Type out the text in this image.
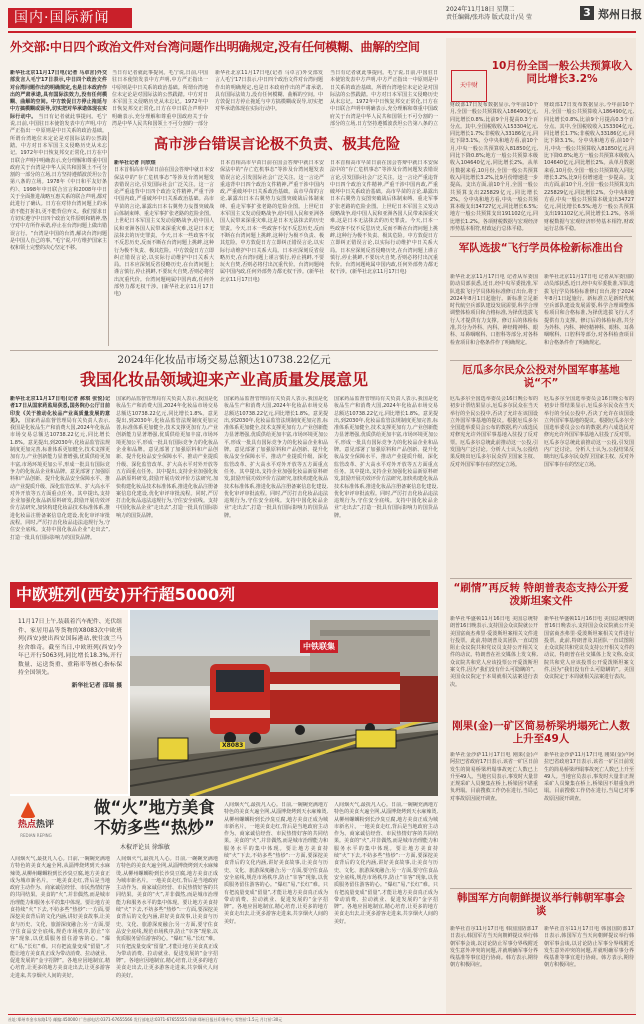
国内·国际新闻
2024年11月18日 星期二
责任编辑/张玮涛 版式设计/吴 莹	3 郑州日报
外交部:中日四个政治文件对台湾问题作出明确规定,没有任何模糊、曲解的空间
新华社北京11月17日电(记者 马卓言)外交部发言人毛宁17日表示,中日四个政治文件对台湾问题作出的明确规定,也是日本政府作出的严肃承诺,具有国际法效力,没有任何模糊、曲解的空间。中方敦促日方停止拖延与中方搞模糊或误导,切实把对华承诺体现在实际行动中。 当日有记者就此事提问。毛宁说,日前,中国驻日本使馆发表中方声明,中方严正指出一中原则是中日关系的政治基础。所谓台湾地位未定论是对国际法的公然践踏。中方对日本军国主义侵略历史从未忘记。1972年中日恢复邦交正常化,日方在中日联合声明中明确表示,充分理解和尊重中国政府关于台湾是中华人民共和国领土不可分割的一部分的立场,日方坚持遵循波茨坦公告第八条的立场。1978年《中日和平友好条约》、1998年中日联合宣言和2008年中日关于全面推进战略互惠关系的联合声明,都对此进行了确认。日方在对待台湾问题上的承诺不能打折扣,更不能背信弃义。我们要求日方切实遵守中日四个政治文件原则和精神,恪守对中方所作承诺,停止在台湾问题上做出错误言行。“台湾是中国的台湾,解决台湾问题是中国人自己的事。”毛宁说,中方维护国家主权和领土完整的决心坚定不移。
当日有记者就此事提问。毛宁说,日前,中国驻日本使馆发表中方声明,中方严正指出一中原则是中日关系的政治基础。所谓台湾地位未定论是对国际法的公然践踏。中方对日本军国主义侵略历史从未忘记。1972年中日恢复邦交正常化,日方在中日联合声明中明确表示,充分理解和尊重中国政府关于台湾是中华人民共和国领土不可分割的一部分
新华社北京11月17日电(记者 马卓言)外交部发言人毛宁17日表示,中日四个政治文件对台湾问题作出的明确规定,也是日本政府作出的严肃承诺,具有国际法效力,没有任何模糊、曲解的空间。中方敦促日方停止拖延与中方搞模糊或误导,切实把对华承诺体现在实际行动中。
当日有记者就此事提问。毛宁说,日前,中国驻日本使馆发表中方声明,中方严正指出一中原则是中日关系的政治基础。所谓台湾地位未定论是对国际法的公然践踏。中方对日本军国主义侵略历史从未忘记。1972年中日恢复邦交正常化,日方在中日联合声明中明确表示,充分理解和尊重中国政府关于台湾是中华人民共和国领土不可分割的一部分的立场,日方坚持遵循波茨坦公告第八条的立
高市涉台错误言论极不负责、极其危险
新华社记者 闫欣煜
日本首相高市早苗日前在国会答辩中就日本安保法中的“存亡危机事态”等涉及台湾问题发表错误言论,引发国际社会广泛关注。这一言论严重违背中日四个政治文件精神,严重干涉中国内政,严重破坏中日关系政治基础。高市早苗的言论,暴露出日本右翼势力妄图突破战后体制束缚、重走军事扩张老路的危险企图。上世纪日本军国主义发动侵略战争,给中国人民和亚洲各国人民带来深重灾难,这是日本无法抹去的历史罪责。今天,日本一些政客不仅不反思历史,反而不断在台湾问题上挑衅,这种行为极不负责、极其危险。中方敦促日方立即纠正错误言论,以实际行动维护中日关系大局。日本应深刻反省侵略历史,在台湾问题上谨言慎行,停止挑衅,不要玩火自焚,否则必将付出沉重代价。台湾问题纯属中国内政,任何外部势力都无权干涉。(新华社北京11月17日电)
日本首相高市早苗日前在国会答辩中就日本安保法中的“存亡危机事态”等涉及台湾问题发表错误言论,引发国际社会广泛关注。这一言论严重违背中日四个政治文件精神,严重干涉中国内政,严重破坏中日关系政治基础。高市早苗的言论,暴露出日本右翼势力妄图突破战后体制束缚、重走军事扩张老路的危险企图。上世纪日本军国主义发动侵略战争,给中国人民和亚洲各国人民带来深重灾难,这是日本无法抹去的历史罪责。今天,日本一些政客不仅不反思历史,反而不断在台湾问题上挑衅,这种行为极不负责、极其危险。中方敦促日方立即纠正错误言论,以实际行动维护中日关系大局。日本应深刻反省侵略历史,在台湾问题上谨言慎行,停止挑衅,不要玩火自焚,否则必将付出沉重代价。台湾问题纯属中国内政,任何外部势力都无权干涉。(新华社北京11月17日电)
日本首相高市早苗日前在国会答辩中就日本安保法中的“存亡危机事态”等涉及台湾问题发表错误言论,引发国际社会广泛关注。这一言论严重违背中日四个政治文件精神,严重干涉中国内政,严重破坏中日关系政治基础。高市早苗的言论,暴露出日本右翼势力妄图突破战后体制束缚、重走军事扩张老路的危险企图。上世纪日本军国主义发动侵略战争,给中国人民和亚洲各国人民带来深重灾难,这是日本无法抹去的历史罪责。今天,日本一些政客不仅不反思历史,反而不断在台湾问题上挑衅,这种行为极不负责、极其危险。中方敦促日方立即纠正错误言论,以实际行动维护中日关系大局。日本应深刻反省侵略历史,在台湾问题上谨言慎行,停止挑衅,不要玩火自焚,否则必将付出沉重代价。台湾问题纯属中国内政,任何外部势力都无权干涉。(新华社北京11月17日电)
2024年化妆品市场交易总额达10738.22亿元
我国化妆品领域迎来产业高质量发展意见
新华社北京11月17日电(记者 郝琪 张悦)记者17日从国家药监局获悉,国务院办公厅日前印发《关于推动化妆品产业高质量发展的意见》。 国家药品监督管理局有关负责人表示,我国是化妆品生产和消费大国,2024年化妆品市场交易总额达10738.22亿元,同比增长1.8%。意见提出,到2030年,化妆品监管法规制度更加完善,标准体系更加健全,技术支撑更加有力,产业创新能力显著增强,优质供给更加丰富,市场环境更加公平,形成一批具有国际竞争力的化妆品企业和品牌。意见部署了加强原料和产品创新、提升化妆品安全保障水平、推动产业提质升级、深化监管改革、扩大高水平对外开放等五方面重点任务。其中提出,支持企业加强化妆品新原料研发,鼓励开展功效评价方法研究,加快构建化妆品技术标准体系,推进化妆品注册备案信息化建设,优化审评审批流程。同时,严厉打击化妆品违法违规行为,守住安全底线。支持中国化妆品企业“走出去”,打造一批具有国际影响力的国货品牌。
国家药品监督管理局有关负责人表示,我国是化妆品生产和消费大国,2024年化妆品市场交易总额达10738.22亿元,同比增长1.8%。意见提出,到2030年,化妆品监管法规制度更加完善,标准体系更加健全,技术支撑更加有力,产业创新能力显著增强,优质供给更加丰富,市场环境更加公平,形成一批具有国际竞争力的化妆品企业和品牌。意见部署了加强原料和产品创新、提升化妆品安全保障水平、推动产业提质升级、深化监管改革、扩大高水平对外开放等五方面重点任务。其中提出,支持企业加强化妆品新原料研发,鼓励开展功效评价方法研究,加快构建化妆品技术标准体系,推进化妆品注册备案信息化建设,优化审评审批流程。同时,严厉打击化妆品违法违规行为,守住安全底线。支持中国化妆品企业“走出去”,打造一批具有国际影响力的国货品牌。
国家药品监督管理局有关负责人表示,我国是化妆品生产和消费大国,2024年化妆品市场交易总额达10738.22亿元,同比增长1.8%。意见提出,到2030年,化妆品监管法规制度更加完善,标准体系更加健全,技术支撑更加有力,产业创新能力显著增强,优质供给更加丰富,市场环境更加公平,形成一批具有国际竞争力的化妆品企业和品牌。意见部署了加强原料和产品创新、提升化妆品安全保障水平、推动产业提质升级、深化监管改革、扩大高水平对外开放等五方面重点任务。其中提出,支持企业加强化妆品新原料研发,鼓励开展功效评价方法研究,加快构建化妆品技术标准体系,推进化妆品注册备案信息化建设,优化审评审批流程。同时,严厉打击化妆品违法违规行为,守住安全底线。支持中国化妆品企业“走出去”,打造一批具有国际影响力的国货品牌。
国家药品监督管理局有关负责人表示,我国是化妆品生产和消费大国,2024年化妆品市场交易总额达10738.22亿元,同比增长1.8%。意见提出,到2030年,化妆品监管法规制度更加完善,标准体系更加健全,技术支撑更加有力,产业创新能力显著增强,优质供给更加丰富,市场环境更加公平,形成一批具有国际竞争力的化妆品企业和品牌。意见部署了加强原料和产品创新、提升化妆品安全保障水平、推动产业提质升级、深化监管改革、扩大高水平对外开放等五方面重点任务。其中提出,支持企业加强化妆品新原料研发,鼓励开展功效评价方法研究,加快构建化妆品技术标准体系,推进化妆品注册备案信息化建设,优化审评审批流程。同时,严厉打击化妆品违法违规行为,守住安全底线。支持中国化妆品企业“走出去”,打造一批具有国际影响力的国货品牌。
中欧班列(西安)开行超5000列
11月17日上午,装载着汽车配件、光伏组件、家居用品等货物的X8083次中欧班列(西安)驶出西安国际港站,驶往波兰马拉舍维奇。截至当日,中欧班列(西安)今年已开行5063列,同比增长18.3%,开行数量、运送货重、重箱率等核心指标保持全国领先。

新华社记者 邵瑞 摄
中铁联集
X8083
热点热评
REDIAN REPING
做“火”地方美食
不妨多些“热炒”
木椒评论员 徐维敏
人间烟火气,最抚凡人心。日前,一碗碗充满地方特色的美食火遍全网,从淄博烧烤到天水麻辣烫,从柳州螺蛳粉到长沙臭豆腐,地方美食正成为城市新名片。一地美食走红,背后是当地政府主动作为、商家诚信经营、市民热情好客的共同结果。美食的“火”,并非偶然,而是城市治理能力和服务水平的集中体现。要让地方美食持续“火”下去,不妨多些“热炒”:一方面,要深挖美食背后的文化内涵,讲好美食故事,让美食与历史、文化、旅游深度融合;另一方面,要守住食品安全底线,规范市场秩序,防止“宰客”现象,以优质服务留住游客的心。“爆红”易,“长红”难。只有把流量变成“留量”,才能让地方美食真正成为带动消费、拉动就业、促进发展的“金字招牌”。各地应因地制宜,精心培育,让更多的地方美食走出去,让更多游客走进来,共享烟火人间的美好。
人间烟火气,最抚凡人心。日前,一碗碗充满地方特色的美食火遍全网,从淄博烧烤到天水麻辣烫,从柳州螺蛳粉到长沙臭豆腐,地方美食正成为城市新名片。一地美食走红,背后是当地政府主动作为、商家诚信经营、市民热情好客的共同结果。美食的“火”,并非偶然,而是城市治理能力和服务水平的集中体现。要让地方美食持续“火”下去,不妨多些“热炒”:一方面,要深挖美食背后的文化内涵,讲好美食故事,让美食与历史、文化、旅游深度融合;另一方面,要守住食品安全底线,规范市场秩序,防止“宰客”现象,以优质服务留住游客的心。“爆红”易,“长红”难。只有把流量变成“留量”,才能让地方美食真正成为带动消费、拉动就业、促进发展的“金字招牌”。各地应因地制宜,精心培育,让更多的地方美食走出去,让更多游客走进来,共享烟火人间的美好。
人间烟火气,最抚凡人心。日前,一碗碗充满地方特色的美食火遍全网,从淄博烧烤到天水麻辣烫,从柳州螺蛳粉到长沙臭豆腐,地方美食正成为城市新名片。一地美食走红,背后是当地政府主动作为、商家诚信经营、市民热情好客的共同结果。美食的“火”,并非偶然,而是城市治理能力和服务水平的集中体现。要让地方美食持续“火”下去,不妨多些“热炒”:一方面,要深挖美食背后的文化内涵,讲好美食故事,让美食与历史、文化、旅游深度融合;另一方面,要守住食品安全底线,规范市场秩序,防止“宰客”现象,以优质服务留住游客的心。“爆红”易,“长红”难。只有把流量变成“留量”,才能让地方美食真正成为带动消费、拉动就业、促进发展的“金字招牌”。各地应因地制宜,精心培育,让更多的地方美食走出去,让更多游客走进来,共享烟火人间的美好。
人间烟火气,最抚凡人心。日前,一碗碗充满地方特色的美食火遍全网,从淄博烧烤到天水麻辣烫,从柳州螺蛳粉到长沙臭豆腐,地方美食正成为城市新名片。一地美食走红,背后是当地政府主动作为、商家诚信经营、市民热情好客的共同结果。美食的“火”,并非偶然,而是城市治理能力和服务水平的集中体现。要让地方美食持续“火”下去,不妨多些“热炒”:一方面,要深挖美食背后的文化内涵,讲好美食故事,让美食与历史、文化、旅游深度融合;另一方面,要守住食品安全底线,规范市场秩序,防止“宰客”现象,以优质服务留住游客的心。“爆红”易,“长红”难。只有把流量变成“留量”,才能让地方美食真正成为带动消费、拉动就业、促进发展的“金字招牌”。各地应因地制宜,精心培育,让更多的地方美食走出去,让更多游客走进来,共享烟火人间的美好。
天中财
10月份全国一般公共预算收入同比增长3.2%
财政部17日发布数据显示,今年前10个月,全国一般公共预算收入186490亿元,同比增长0.8%,比前9个月提高0.3个百分点。其中,全国税收收入153304亿元,同比增长1.7%;非税收入33186亿元,同比下降3.1%。分中央和地方看,前10个月,中央一般公共预算收入81850亿元,同比下降0.8%;地方一般公共预算本级收入104640亿元,同比增长2%。从单月数据来看,10月份,全国一般公共预算收入同比增长3.2%,比9月份增速进一步提高。支出方面,前10个月,全国一般公共预算支出225829亿元,同比增长2%。分中央和地方看,中央一般公共预算本级支出34727亿元,同比增长6.5%;地方一般公共预算支出191102亿元,同比增长1.2%。各项财税数据与宏观经济形势基本相符,财政运行总体平稳。
财政部17日发布数据显示,今年前10个月,全国一般公共预算收入186490亿元,同比增长0.8%,比前9个月提高0.3个百分点。其中,全国税收收入153304亿元,同比增长1.7%;非税收入33186亿元,同比下降3.1%。分中央和地方看,前10个月,中央一般公共预算收入81850亿元,同比下降0.8%;地方一般公共预算本级收入104640亿元,同比增长2%。从单月数据来看,10月份,全国一般公共预算收入同比增长3.2%,比9月份增速进一步提高。支出方面,前10个月,全国一般公共预算支出225829亿元,同比增长2%。分中央和地方看,中央一般公共预算本级支出34727亿元,同比增长6.5%;地方一般公共预算支出191102亿元,同比增长1.2%。各项财税数据与宏观经济形势基本相符,财政运行总体平稳。
军队选拔“飞行学员体检新标准出台
新华社北京11月17日电 记者从军委国防动员部获悉,近日,经中央军委批准,军队选拔飞行学员体检标准修订出台,将于2024年8月1日起施行。新标准立足新时代航空兵部队建设发展需要,科学合理调整体检项目和合格标准,为择优选拔飞行人才提供有力支撑。修订后的体检标准,共分为外科、内科、神经精神科、眼科、耳鼻咽喉科、口腔科等部分,对各科检查项目和合格条件作了明确规定。
新华社北京11月17日电 记者从军委国防动员部获悉,近日,经中央军委批准,军队选拔飞行学员体检标准修订出台,将于2024年8月1日起施行。新标准立足新时代航空兵部队建设发展需要,科学合理调整体检项目和合格标准,为择优选拔飞行人才提供有力支撑。修订后的体检标准,共分为外科、内科、神经精神科、眼科、耳鼻咽喉科、口腔科等部分,对各科检查项目和合格条件作了明确规定。
厄瓜多尔民众公投对外国军事基地说“不”
厄瓜多尔全国选举委员会16日晚公布的初步计票结果显示,厄瓜多尔民众在当天举行的全民公投中,否决了允许在该国设立外国军事基地的提议。根据厄瓜多尔全国选举委员会公布的数据,约六成选民对修宪允许外国军事基地入驻投了反对票。厄瓜多尔总统此前推动这一公投,引发国内广泛讨论。分析人士认为,公投结果反映出厄瓜多尔民众捍卫国家主权、反对外国军事存在的坚定立场。
厄瓜多尔全国选举委员会16日晚公布的初步计票结果显示,厄瓜多尔民众在当天举行的全民公投中,否决了允许在该国设立外国军事基地的提议。根据厄瓜多尔全国选举委员会公布的数据,约六成选民对修宪允许外国军事基地入驻投了反对票。厄瓜多尔总统此前推动这一公投,引发国内广泛讨论。分析人士认为,公投结果反映出厄瓜多尔民众捍卫国家主权、反对外国军事存在的坚定立场。
“刷情”再反转 特朗普表态支持公开爱泼斯坦案文件
新华社华盛顿11月16日电 美国总统特朗普16日晚表示,支持国会众议院就公开美国富商杰弗里·爱泼斯坦案相关文件进行投票。此前,特朗普及其团队一直试图阻止众议院共和党议员支持公开相关文件的动议。特朗普在社交媒体上发文称,众议院共和党人应该投票公开爱泼斯坦案文件,因为“我们没有什么可隐瞒的”。美国众议院定于本周就相关法案进行表决。
新华社华盛顿11月16日电 美国总统特朗普16日晚表示,支持国会众议院就公开美国富商杰弗里·爱泼斯坦案相关文件进行投票。此前,特朗普及其团队一直试图阻止众议院共和党议员支持公开相关文件的动议。特朗普在社交媒体上发文称,众议院共和党人应该投票公开爱泼斯坦案文件,因为“我们没有什么可隐瞒的”。美国众议院定于本周就相关法案进行表决。
刚果(金)一矿区简易桥梁坍塌死亡人数上升至49人
新华社金沙萨11月17日电 刚果(金)卢阿拉巴省政府17日表示,该省一矿区日前发生的简易桥梁坍塌事故死亡人数已上升至49人。当地官员表示,事发时大量非正规采矿人员聚集在桥上,桥梁因不堪重负坍塌。目前搜救工作仍在进行,当局已对事故原因展开调查。
新华社金沙萨11月17日电 刚果(金)卢阿拉巴省政府17日表示,该省一矿区日前发生的简易桥梁坍塌事故死亡人数已上升至49人。当地官员表示,事发时大量非正规采矿人员聚集在桥上,桥梁因不堪重负坍塌。目前搜救工作仍在进行,当局已对事故原因展开调查。
韩国军方向朝鲜提议举行韩朝军事会谈
新华社首尔11月17日电 韩国国防部17日表示,韩国军方当天向朝鲜提议举行韩朝军事会谈,以讨论防止军事分界线附近发生意外冲突的问题,并就明确军事分界线基准等事宜进行协商。韩方表示,期待朝方积极回应。
新华社首尔11月17日电 韩国国防部17日表示,韩国军方当天向朝鲜提议举行韩朝军事会谈,以讨论防止军事分界线附近发生意外冲突的问题,并就明确军事分界线基准等事宜进行协商。韩方表示,期待朝方积极回应。
社址:郑州市金水东路1号 邮编:450000 广告部电话:0371-67655566 发行部电话:0371-67655555 印刷:郑州日报社印务中心 零售价:1.5元 月订价:30元
